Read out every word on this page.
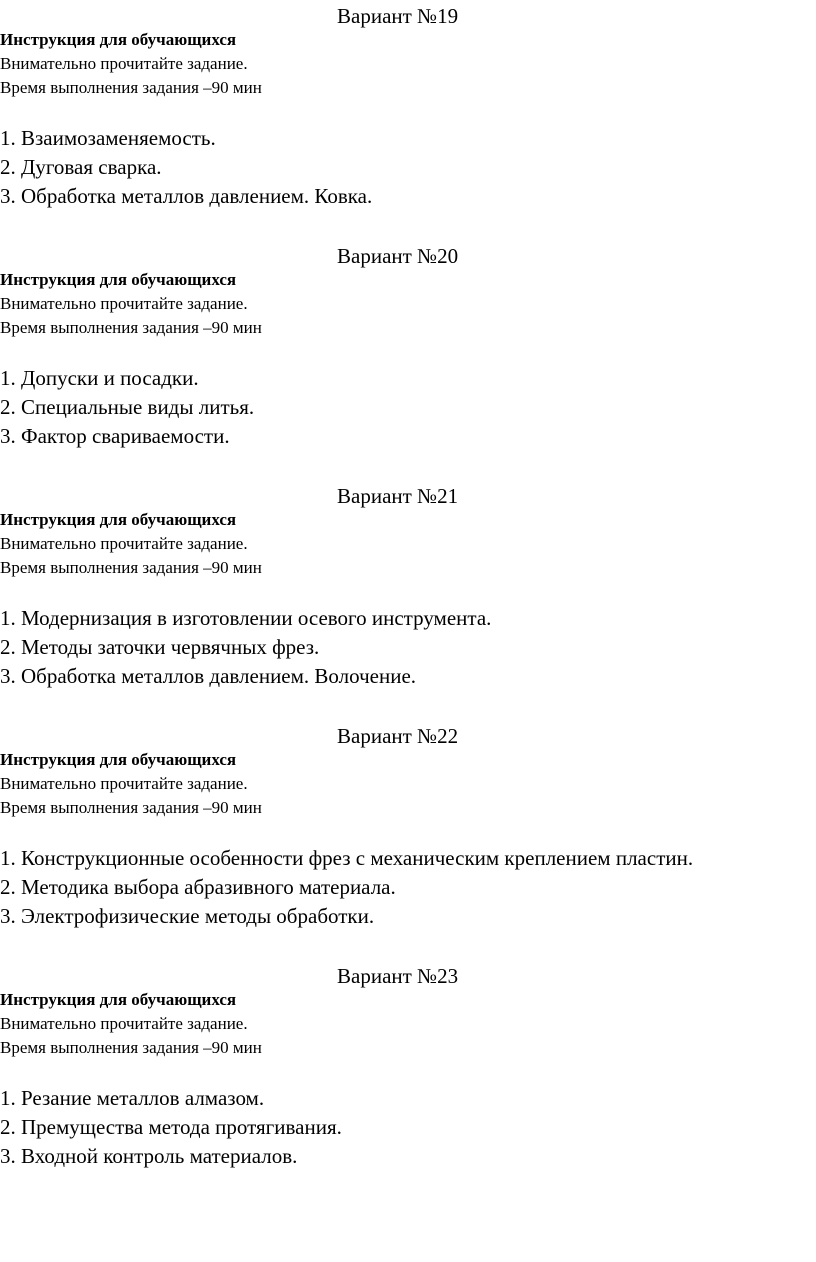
Вариант №19

Инструкция для обучающихся

Внимательно прочитайте задание.

Время выполнения задания –90 мин

1. Взаимозаменяемость.

2. Дуговая сварка.

3. Обработка металлов давлением. Ковка.

Вариант №20

Инструкция для обучающихся

Внимательно прочитайте задание.

Время выполнения задания –90 мин

1. Допуски и посадки.

2. Специальные виды литья.

3. Фактор свариваемости.

Вариант №21

Инструкция для обучающихся

Внимательно прочитайте задание.

Время выполнения задания –90 мин

1. Модернизация в изготовлении осевого инструмента.

2. Методы заточки червячных фрез.

3. Обработка металлов давлением. Волочение.

Вариант №22

Инструкция для обучающихся

Внимательно прочитайте задание.

Время выполнения задания –90 мин

1. Конструкционные особенности фрез с механическим креплением пластин.

2. Методика выбора абразивного материала.

3. Электрофизические методы обработки.

Вариант №23

Инструкция для обучающихся

Внимательно прочитайте задание.

Время выполнения задания –90 мин

1. Резание металлов алмазом.

2. Премущества метода протягивания.

3. Входной контроль материалов.
